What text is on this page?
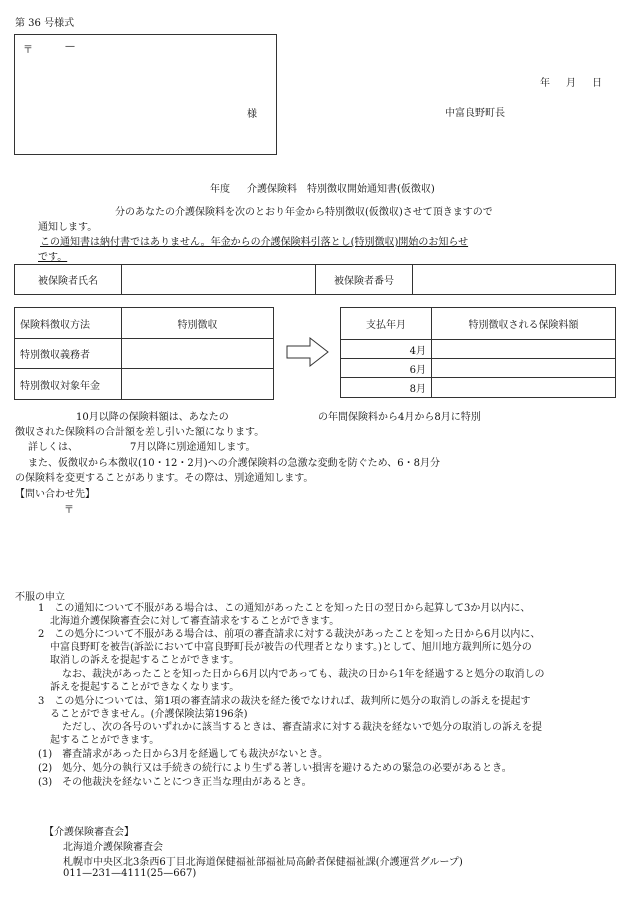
第 36 号様式
〒	—
様
年 月 日
中富良野町長
年度 介護保険料　特別徴収開始通知書(仮徴収)
分のあなたの介護保険料を次のとおり年金から特別徴収(仮徴収)させて頂きますので
通知します。
この通知書は納付書ではありません。年金からの介護保険料引落とし(特別徴収)開始のお知らせ
です。
被保険者氏名		被保険者番号	
保険料徴収方法	特別徴収
特別徴収義務者	
特別徴収対象年金	
支払年月	特別徴収される保険料額
4月	
6月	
8月	
10月以降の保険料額は、あなたの	の年間保険料から4月から8月に特別
徴収された保険料の合計額を差し引いた額になります。
詳しくは、	7月以降に別途通知します。
また、仮徴収から本徴収(10・12・2月)への介護保険料の急激な変動を防ぐため、6・8月分
の保険料を変更することがあります。その際は、別途通知します。
【問い合わせ先】
〒
不服の申立
1　この通知について不服がある場合は、この通知があったことを知った日の翌日から起算して3か月以内に、
北海道介護保険審査会に対して審査請求をすることができます。
2　この処分について不服がある場合は、前項の審査請求に対する裁決があったことを知った日から6月以内に、
中富良野町を被告(訴訟において中富良野町長が被告の代理者となります。)として、旭川地方裁判所に処分の
取消しの訴えを提起することができます。
なお、裁決があったことを知った日から6月以内であっても、裁決の日から1年を経過すると処分の取消しの
訴えを提起することができなくなります。
3　この処分については、第1項の審査請求の裁決を経た後でなければ、裁判所に処分の取消しの訴えを提起す
ることができません。(介護保険法第196条)
ただし、次の各号のいずれかに該当するときは、審査請求に対する裁決を経ないで処分の取消しの訴えを提
起することができます。
(1)　審査請求があった日から3月を経過しても裁決がないとき。
(2)　処分、処分の執行又は手続きの続行により生ずる著しい損害を避けるための緊急の必要があるとき。
(3)　その他裁決を経ないことにつき正当な理由があるとき。
【介護保険審査会】
北海道介護保険審査会
札幌市中央区北3条西6丁目北海道保健福祉部福祉局高齢者保健福祉課(介護運営グループ)
011—231—4111(25—667)
